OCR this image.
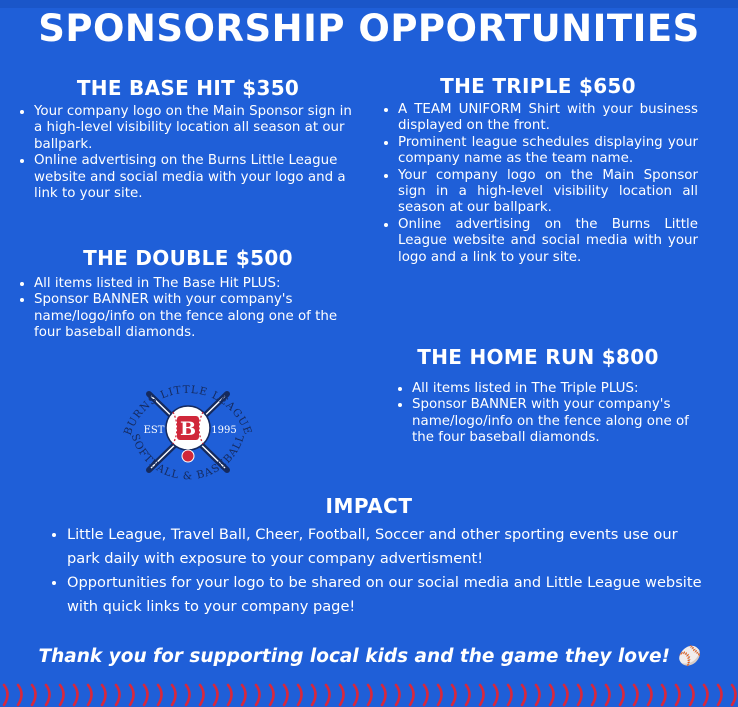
SPONSORSHIP OPPORTUNITIES
THE BASE HIT $350
• Your company logo on the Main Sponsor sign in a high-level visibility location all season at our ballpark.
• Online advertising on the Burns Little League website and social media with your logo and a link to your site.
THE DOUBLE $500
• All items listed in The Base Hit PLUS:
• Sponsor BANNER with your company's name/logo/info on the fence along one of the four baseball diamonds.
THE TRIPLE $650
• A TEAM UNIFORM Shirt with your business displayed on the front.
• Prominent league schedules displaying your company name as the team name.
• Your company logo on the Main Sponsor sign in a high-level visibility location all season at our ballpark.
• Online advertising on the Burns Little League website and social media with your logo and a link to your site.
THE HOME RUN $800
• All items listed in The Triple PLUS:
• Sponsor BANNER with your company's name/logo/info on the fence along one of the four baseball diamonds.
B
EST	1995
BURNS LITTLE LEAGUE
SOFTBALL & BASEBALL
IMPACT
• Little League, Travel Ball, Cheer, Football, Soccer and other sporting events use our park daily with exposure to your company advertisment!
• Opportunities for your logo to be shared on our social media and Little League website with quick links to your company page!
Thank you for supporting local kids and the game they love! ⚾
